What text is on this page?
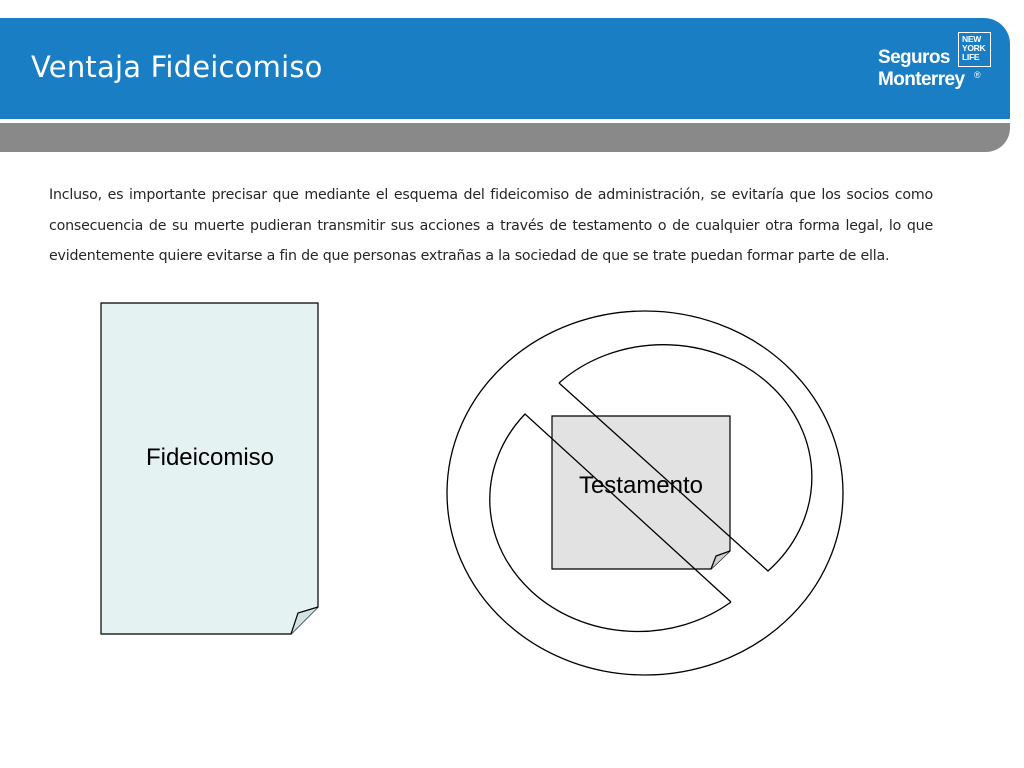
Ventaja Fideicomiso
NEW
YORK
LIFE
Seguros
Monterrey ®

Incluso, es importante precisar que mediante el esquema del fideicomiso de administración, se evitaría que los socios como consecuencia de su muerte pudieran transmitir sus acciones a través de testamento o de cualquier otra forma legal, lo que evidentemente quiere evitarse a fin de que personas extrañas a la sociedad de que se trate puedan formar parte de ella.

Fideicomiso
Testamento
